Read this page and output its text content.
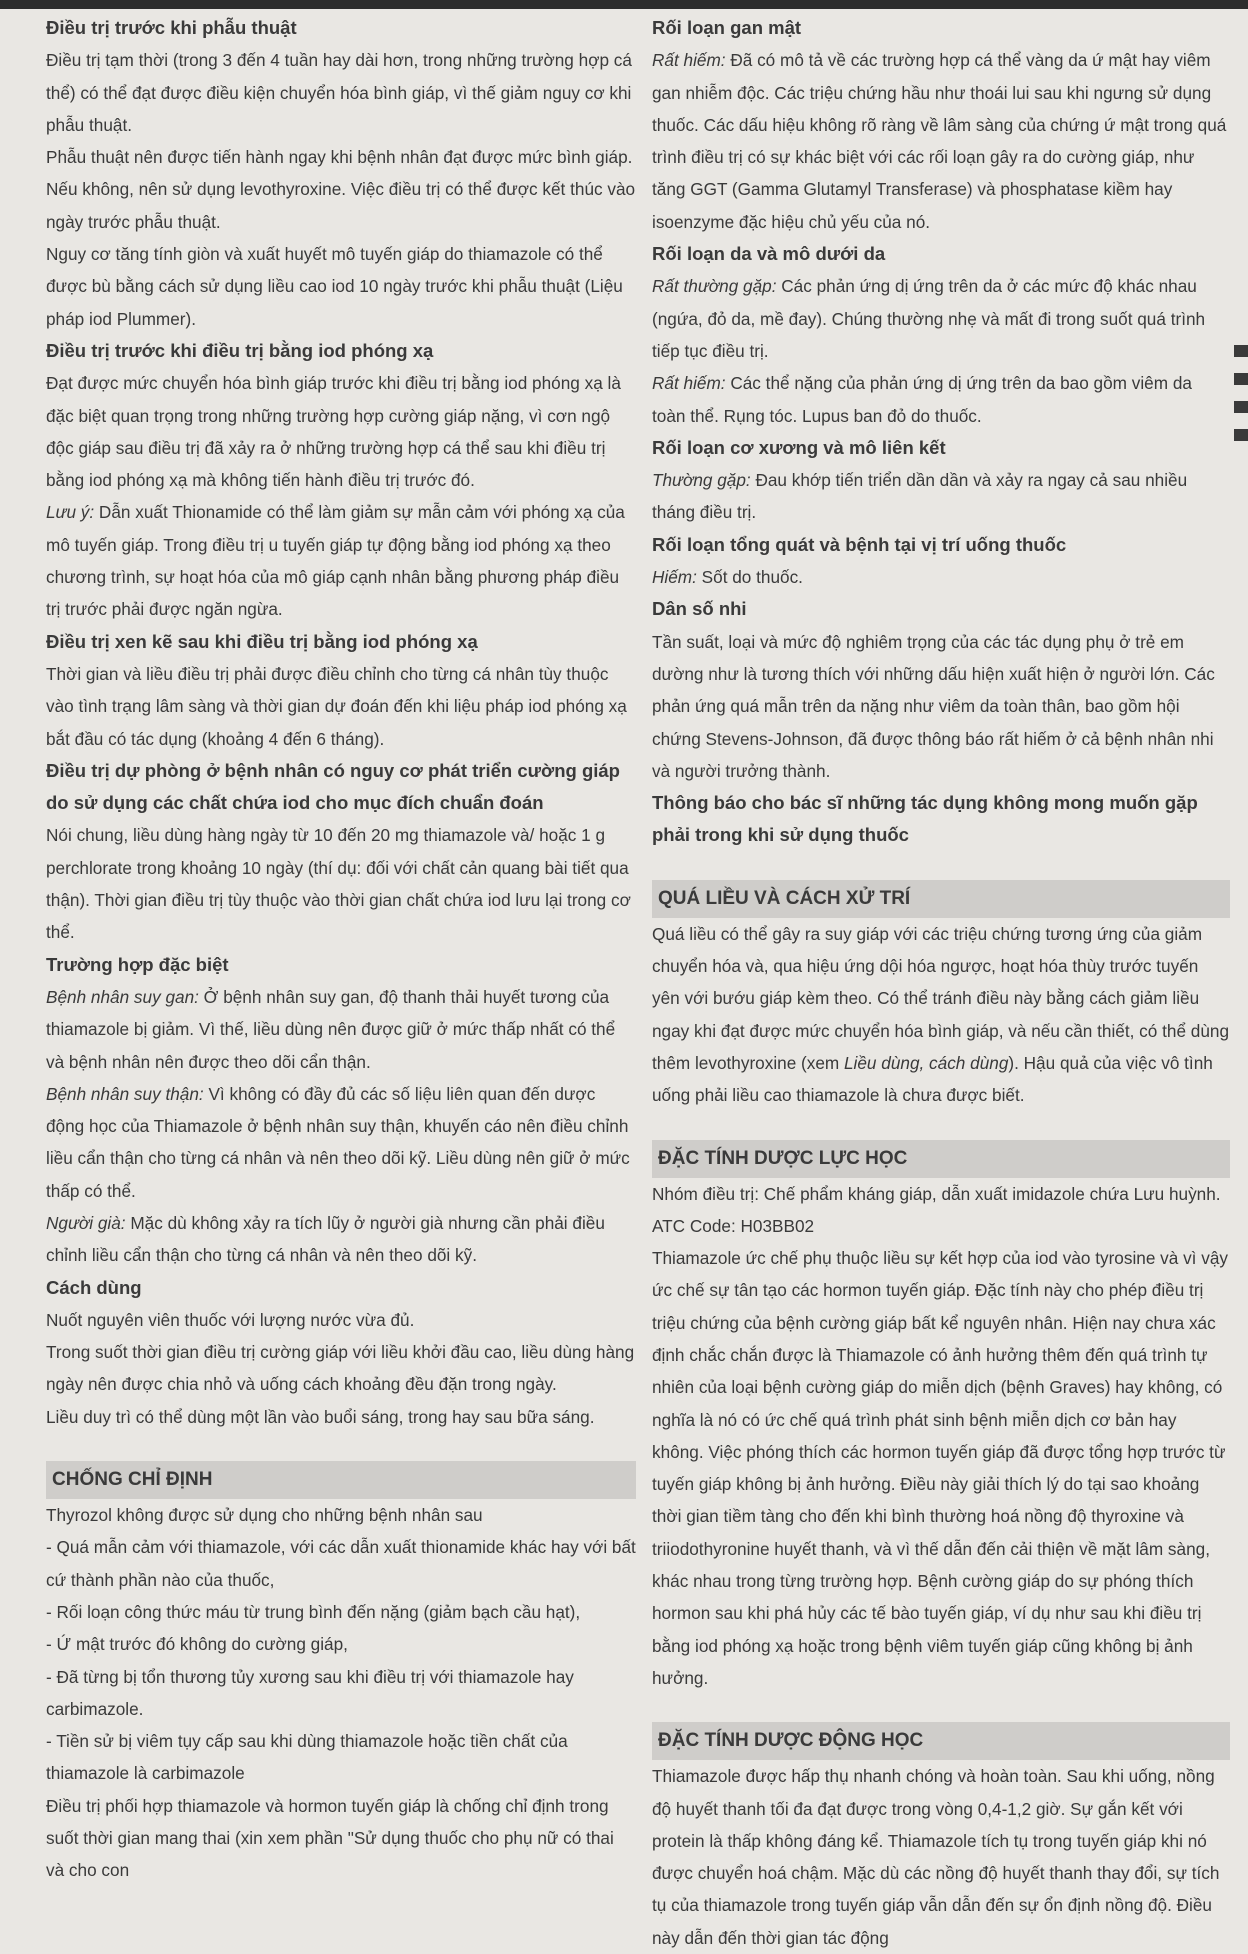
Điều trị trước khi phẫu thuật

Điều trị tạm thời (trong 3 đến 4 tuần hay dài hơn, trong những trường hợp cá thể) có thể đạt được điều kiện chuyển hóa bình giáp, vì thế giảm nguy cơ khi phẫu thuật.

Phẫu thuật nên được tiến hành ngay khi bệnh nhân đạt được mức bình giáp. Nếu không, nên sử dụng levothyroxine. Việc điều trị có thể được kết thúc vào ngày trước phẫu thuật.

Nguy cơ tăng tính giòn và xuất huyết mô tuyến giáp do thiamazole có thể được bù bằng cách sử dụng liều cao iod 10 ngày trước khi phẫu thuật (Liệu pháp iod Plummer).

Điều trị trước khi điều trị bằng iod phóng xạ

Đạt được mức chuyển hóa bình giáp trước khi điều trị bằng iod phóng xạ là đặc biệt quan trọng trong những trường hợp cường giáp nặng, vì cơn ngộ độc giáp sau điều trị đã xảy ra ở những trường hợp cá thể sau khi điều trị bằng iod phóng xạ mà không tiến hành điều trị trước đó.

Lưu ý: Dẫn xuất Thionamide có thể làm giảm sự mẫn cảm với phóng xạ của mô tuyến giáp. Trong điều trị u tuyến giáp tự động bằng iod phóng xạ theo chương trình, sự hoạt hóa của mô giáp cạnh nhân bằng phương pháp điều trị trước phải được ngăn ngừa.

Điều trị xen kẽ sau khi điều trị bằng iod phóng xạ

Thời gian và liều điều trị phải được điều chỉnh cho từng cá nhân tùy thuộc vào tình trạng lâm sàng và thời gian dự đoán đến khi liệu pháp iod phóng xạ bắt đầu có tác dụng (khoảng 4 đến 6 tháng).

Điều trị dự phòng ở bệnh nhân có nguy cơ phát triển cường giáp do sử dụng các chất chứa iod cho mục đích chuẩn đoán

Nói chung, liều dùng hàng ngày từ 10 đến 20 mg thiamazole và/ hoặc 1 g perchlorate trong khoảng 10 ngày (thí dụ: đối với chất cản quang bài tiết qua thận). Thời gian điều trị tùy thuộc vào thời gian chất chứa iod lưu lại trong cơ thể.

Trường hợp đặc biệt

Bệnh nhân suy gan: Ở bệnh nhân suy gan, độ thanh thải huyết tương của thiamazole bị giảm. Vì thế, liều dùng nên được giữ ở mức thấp nhất có thể và bệnh nhân nên được theo dõi cẩn thận.

Bệnh nhân suy thận: Vì không có đầy đủ các số liệu liên quan đến dược động học của Thiamazole ở bệnh nhân suy thận, khuyến cáo nên điều chỉnh liều cẩn thận cho từng cá nhân và nên theo dõi kỹ. Liều dùng nên giữ ở mức thấp có thể.

Người già: Mặc dù không xảy ra tích lũy ở người già nhưng cần phải điều chỉnh liều cẩn thận cho từng cá nhân và nên theo dõi kỹ.

Cách dùng

Nuốt nguyên viên thuốc với lượng nước vừa đủ.

Trong suốt thời gian điều trị cường giáp với liều khởi đầu cao, liều dùng hàng ngày nên được chia nhỏ và uống cách khoảng đều đặn trong ngày.

Liều duy trì có thể dùng một lần vào buổi sáng, trong hay sau bữa sáng.

CHỐNG CHỈ ĐỊNH

Thyrozol không được sử dụng cho những bệnh nhân sau

- Quá mẫn cảm với thiamazole, với các dẫn xuất thionamide khác hay với bất cứ thành phần nào của thuốc,

- Rối loạn công thức máu từ trung bình đến nặng (giảm bạch cầu hạt),

- Ứ mật trước đó không do cường giáp,

- Đã từng bị tổn thương tủy xương sau khi điều trị với thiamazole hay carbimazole.

- Tiền sử bị viêm tụy cấp sau khi dùng thiamazole hoặc tiền chất của thiamazole là carbimazole

Điều trị phối hợp thiamazole và hormon tuyến giáp là chống chỉ định trong suốt thời gian mang thai (xin xem phần "Sử dụng thuốc cho phụ nữ có thai và cho con

Rối loạn gan mật

Rất hiếm: Đã có mô tả về các trường hợp cá thể vàng da ứ mật hay viêm gan nhiễm độc. Các triệu chứng hầu như thoái lui sau khi ngưng sử dụng thuốc. Các dấu hiệu không rõ ràng về lâm sàng của chứng ứ mật trong quá trình điều trị có sự khác biệt với các rối loạn gây ra do cường giáp, như tăng GGT (Gamma Glutamyl Transferase) và phosphatase kiềm hay isoenzyme đặc hiệu chủ yếu của nó.

Rối loạn da và mô dưới da

Rất thường gặp: Các phản ứng dị ứng trên da ở các mức độ khác nhau (ngứa, đỏ da, mề đay). Chúng thường nhẹ và mất đi trong suốt quá trình tiếp tục điều trị.

Rất hiếm: Các thể nặng của phản ứng dị ứng trên da bao gồm viêm da toàn thể. Rụng tóc. Lupus ban đỏ do thuốc.

Rối loạn cơ xương và mô liên kết

Thường gặp: Đau khớp tiến triển dần dần và xảy ra ngay cả sau nhiều tháng điều trị.

Rối loạn tổng quát và bệnh tại vị trí uống thuốc

Hiếm: Sốt do thuốc.

Dân số nhi

Tần suất, loại và mức độ nghiêm trọng của các tác dụng phụ ở trẻ em dường như là tương thích với những dấu hiện xuất hiện ở người lớn. Các phản ứng quá mẫn trên da nặng như viêm da toàn thân, bao gồm hội chứng Stevens-Johnson, đã được thông báo rất hiếm ở cả bệnh nhân nhi và người trưởng thành.

Thông báo cho bác sĩ những tác dụng không mong muốn gặp phải trong khi sử dụng thuốc

QUÁ LIỀU VÀ CÁCH XỬ TRÍ

Quá liều có thể gây ra suy giáp với các triệu chứng tương ứng của giảm chuyển hóa và, qua hiệu ứng dội hóa ngược, hoạt hóa thùy trước tuyến yên với bướu giáp kèm theo. Có thể tránh điều này bằng cách giảm liều ngay khi đạt được mức chuyển hóa bình giáp, và nếu cần thiết, có thể dùng thêm levothyroxine (xem Liều dùng, cách dùng). Hậu quả của việc vô tình uống phải liều cao thiamazole là chưa được biết.

ĐẶC TÍNH DƯỢC LỰC HỌC

Nhóm điều trị: Chế phẩm kháng giáp, dẫn xuất imidazole chứa Lưu huỳnh. ATC Code: H03BB02

Thiamazole ức chế phụ thuộc liều sự kết hợp của iod vào tyrosine và vì vậy ức chế sự tân tạo các hormon tuyến giáp. Đặc tính này cho phép điều trị triệu chứng của bệnh cường giáp bất kể nguyên nhân. Hiện nay chưa xác định chắc chắn được là Thiamazole có ảnh hưởng thêm đến quá trình tự nhiên của loại bệnh cường giáp do miễn dịch (bệnh Graves) hay không, có nghĩa là nó có ức chế quá trình phát sinh bệnh miễn dịch cơ bản hay không. Việc phóng thích các hormon tuyến giáp đã được tổng hợp trước từ tuyến giáp không bị ảnh hưởng. Điều này giải thích lý do tại sao khoảng thời gian tiềm tàng cho đến khi bình thường hoá nồng độ thyroxine và triiodothyronine huyết thanh, và vì thế dẫn đến cải thiện về mặt lâm sàng, khác nhau trong từng trường hợp. Bệnh cường giáp do sự phóng thích hormon sau khi phá hủy các tế bào tuyến giáp, ví dụ như sau khi điều trị bằng iod phóng xạ hoặc trong bệnh viêm tuyến giáp cũng không bị ảnh hưởng.

ĐẶC TÍNH DƯỢC ĐỘNG HỌC

Thiamazole được hấp thụ nhanh chóng và hoàn toàn. Sau khi uống, nồng độ huyết thanh tối đa đạt được trong vòng 0,4-1,2 giờ. Sự gắn kết với protein là thấp không đáng kể. Thiamazole tích tụ trong tuyến giáp khi nó được chuyển hoá chậm. Mặc dù các nồng độ huyết thanh thay đổi, sự tích tụ của thiamazole trong tuyến giáp vẫn dẫn đến sự ổn định nồng độ. Điều này dẫn đến thời gian tác động
